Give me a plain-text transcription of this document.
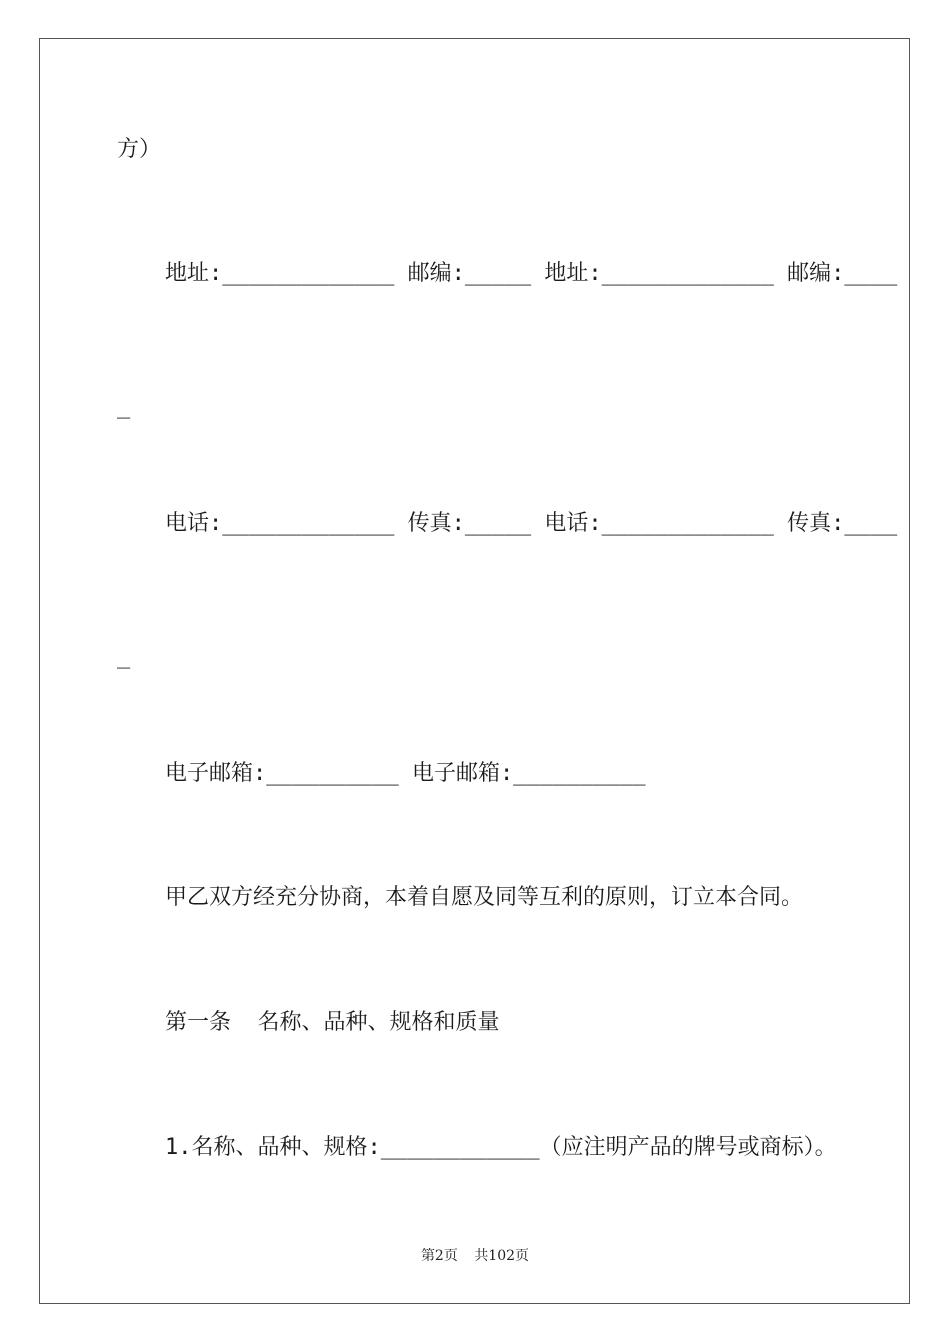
方）
地址:_____________ 邮编:_____ 地址:_____________ 邮编:____
_
电话:_____________ 传真:_____ 电话:_____________ 传真:____
_
电子邮箱:__________ 电子邮箱:__________
甲乙双方经充分协商，本着自愿及同等互利的原则，订立本合同。
第一条  名称、品种、规格和质量
1.名称、品种、规格:____________（应注明产品的牌号或商标）。
第2页 共102页
